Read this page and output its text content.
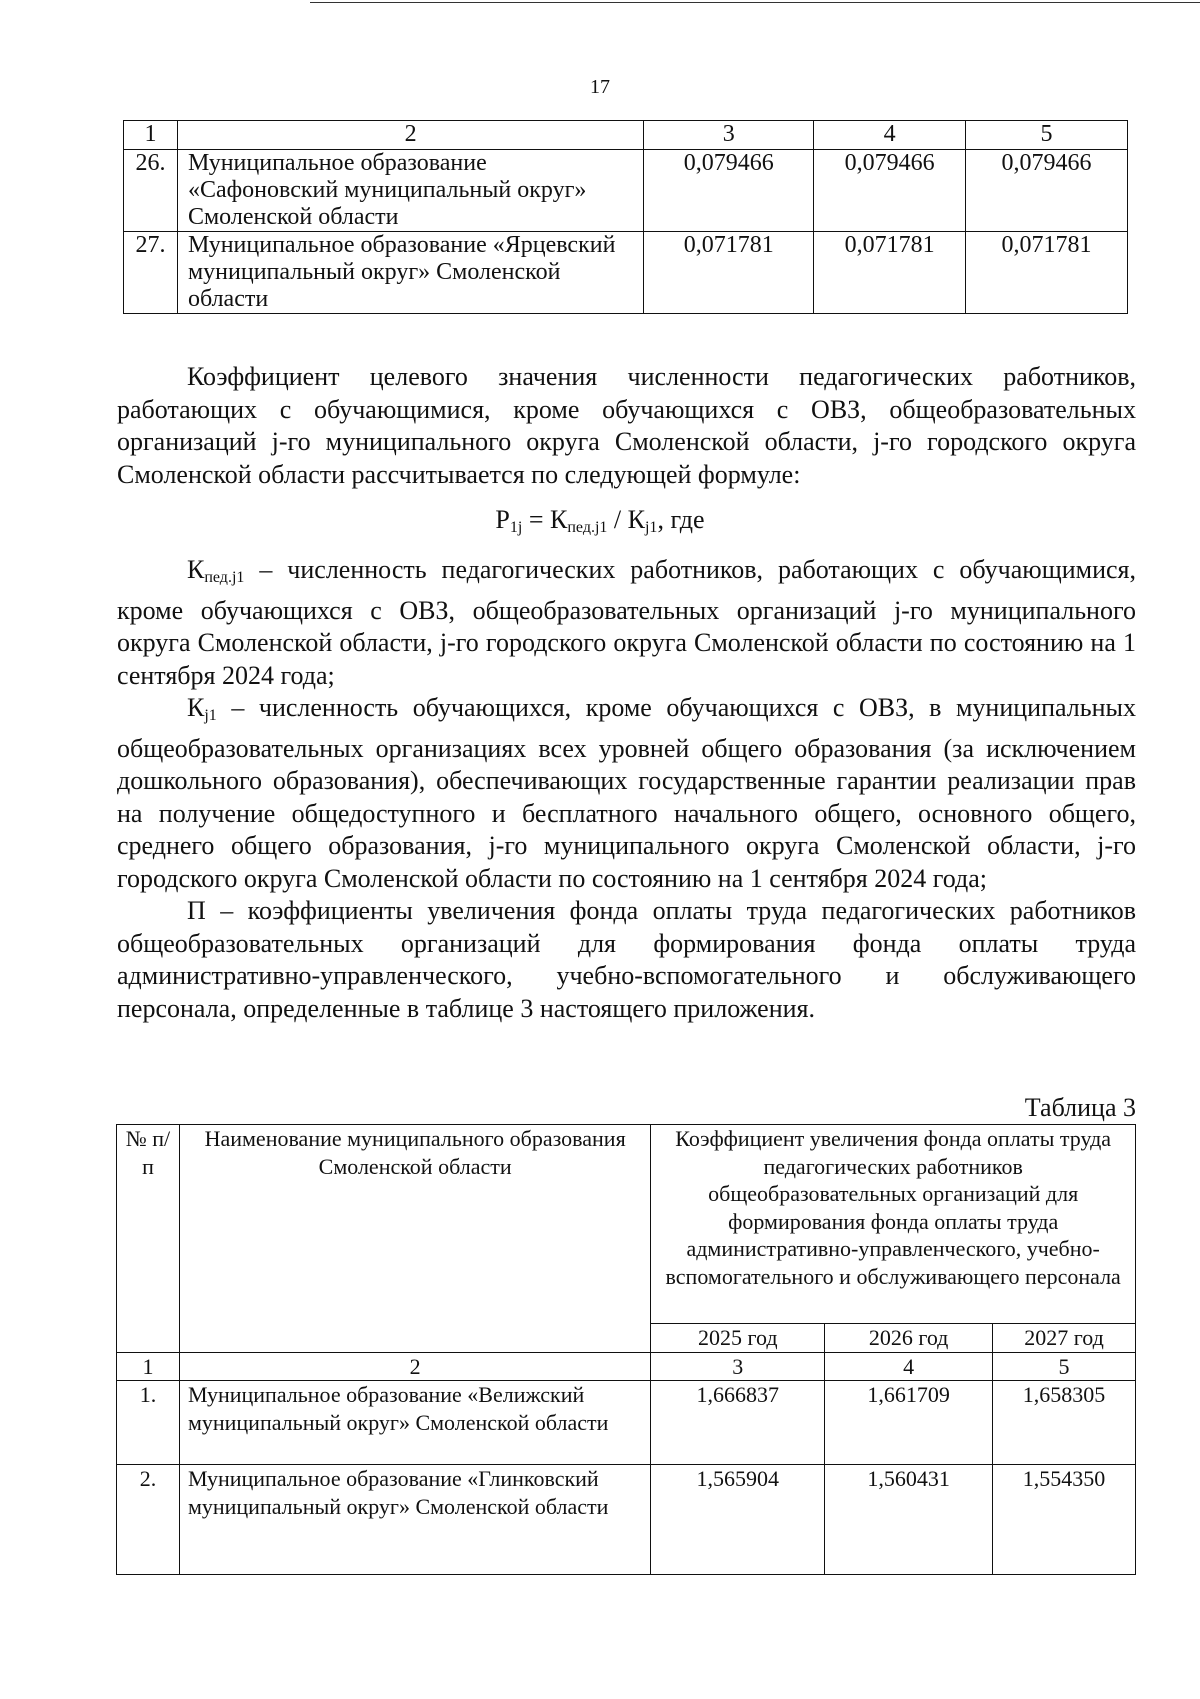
17
1	2	3	4	5
26.	Муниципальное образование «Сафоновский муниципальный округ» Смоленской области	0,079466	0,079466	0,079466
27.	Муниципальное образование «Ярцевский муниципальный округ» Смоленской области	0,071781	0,071781	0,071781

Коэффициент целевого значения численности педагогических работников, работающих с обучающимися, кроме обучающихся с ОВЗ, общеобразовательных организаций j-го муниципального округа Смоленской области, j-го городского округа Смоленской области рассчитывается по следующей формуле:

$P_{1j} = К_{пед.j1} / К_{j1}$, где

$К_{пед.j1}$ – численность педагогических работников, работающих с обучающимися, кроме обучающихся с ОВЗ, общеобразовательных организаций j-го муниципального округа Смоленской области, j-го городского округа Смоленской области по состоянию на 1 сентября 2024 года;

$К_{j1}$ – численность обучающихся, кроме обучающихся с ОВЗ, в муниципальных общеобразовательных организациях всех уровней общего образования (за исключением дошкольного образования), обеспечивающих государственные гарантии реализации прав на получение общедоступного и бесплатного начального общего, основного общего, среднего общего образования, j-го муниципального округа Смоленской области, j-го городского округа Смоленской области по состоянию на 1 сентября 2024 года;

П – коэффициенты увеличения фонда оплаты труда педагогических работников общеобразовательных организаций для формирования фонда оплаты труда административно-управленческого, учебно-вспомогательного и обслуживающего персонала, определенные в таблице 3 настоящего приложения.

Таблица 3
№ п/п	Наименование муниципального образования Смоленской области	Коэффициент увеличения фонда оплаты труда педагогических работников общеобразовательных организаций для формирования фонда оплаты труда административно-управленческого, учебно-вспомогательного и обслуживающего персонала		
		2025 год	2026 год	2027 год
1	2	3	4	5
1.	Муниципальное образование «Велижский муниципальный округ» Смоленской области	1,666837	1,661709	1,658305
2.	Муниципальное образование «Глинковский муниципальный округ» Смоленской области	1,565904	1,560431	1,554350
